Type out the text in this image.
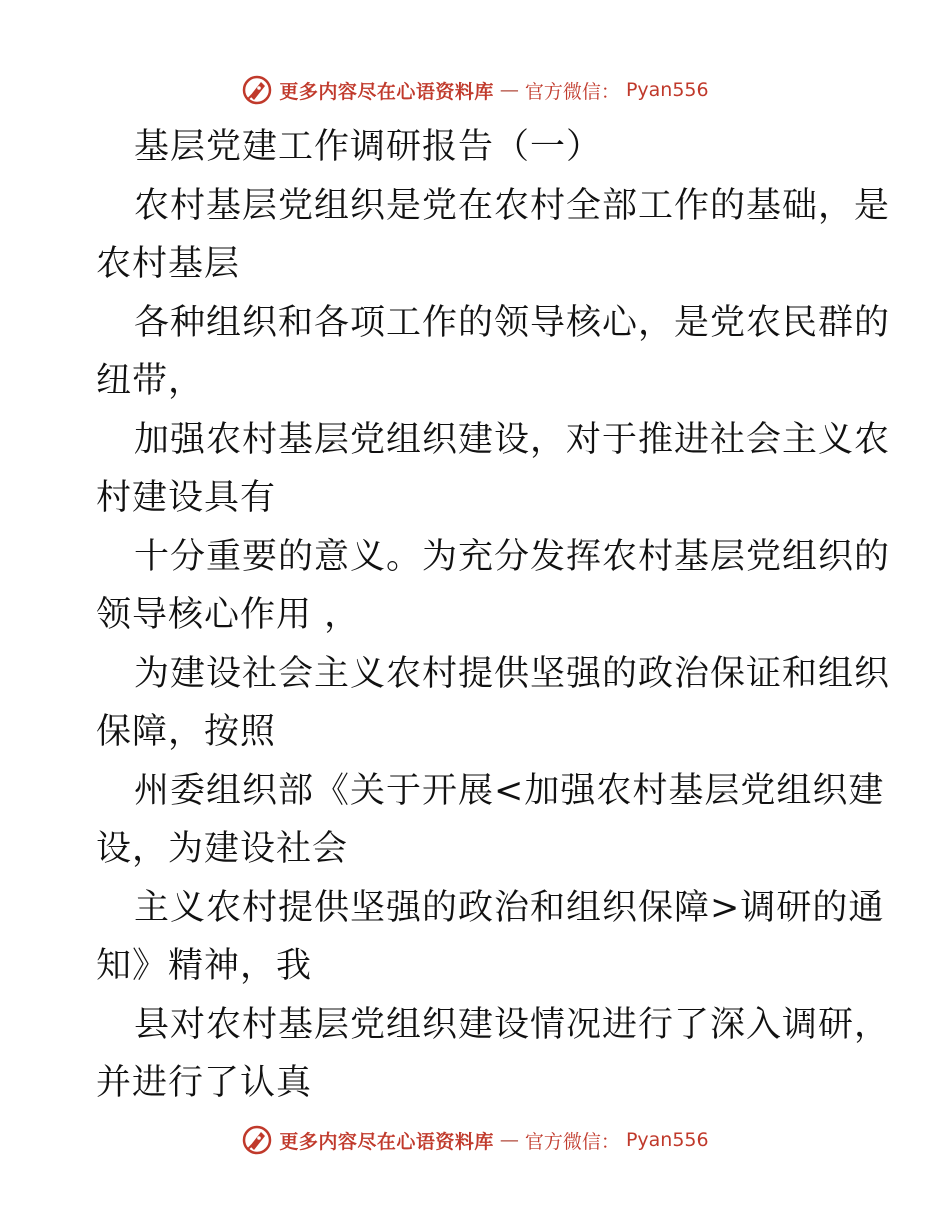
更多内容尽在心语资料库 — 官方微信： Pyan556
基层党建工作调研报告（一）
农村基层党组织是党在农村全部工作的基础，是
农村基层
各种组织和各项工作的领导核心，是党农民群的
纽带，
加强农村基层党组织建设，对于推进社会主义农
村建设具有
十分重要的意义。为充分发挥农村基层党组织的
领导核心作用 ，
为建设社会主义农村提供坚强的政治保证和组织
保障，按照
州委组织部《关于开展<加强农村基层党组织建
设，为建设社会
主义农村提供坚强的政治和组织保障>调研的通
知》精神，我
县对农村基层党组织建设情况进行了深入调研，
并进行了认真
更多内容尽在心语资料库 — 官方微信： Pyan556
